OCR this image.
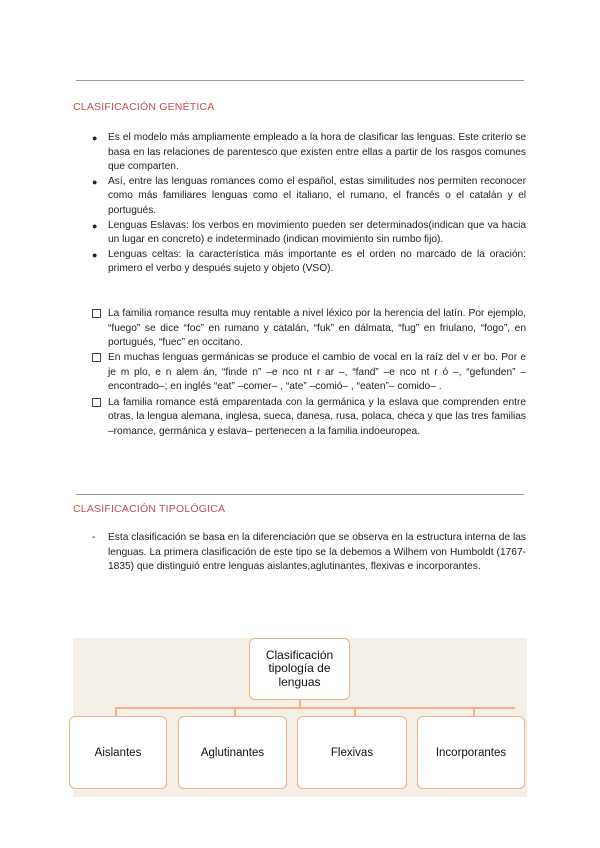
CLASIFICACIÓN GENÉTICA
● Es el modelo más ampliamente empleado a la hora de clasificar las lenguas. Este criterio se basa en las relaciones de parentesco que existen entre ellas a partir de los rasgos comunes que comparten.
● Así, entre las lenguas romances como el español, estas similitudes nos permiten reconocer como más familiares lenguas como el italiano, el rumano, el francés o el catalán y el portugués.
● Lenguas Eslavas: los verbos en movimiento pueden ser determinados(indican que va hacia un lugar en concreto) e indeterminado (indican movimiento sin rumbo fijo).
● Lenguas celtas: la característica más importante es el orden no marcado de la oración: primero el verbo y después sujeto y objeto (VSO).
La familia romance resulta muy rentable a nivel léxico por la herencia del latín. Por ejemplo, “fuego” se dice “foc” en rumano y catalán, “fuk” en dálmata, “fug” en friulano, “fogo”, en portugués, “fuec” en occitano.
En muchas lenguas germánicas se produce el cambio de vocal en la raíz del v er bo. Por e je m plo, e n alem án, “finde n” –e nco nt r ar –, “fand” –e nco nt r ó –, “gefunden” –encontrado–; en inglés “eat” –comer– , “ate” –comió– , “eaten”– comido– .
La familia romance está emparentada con la germánica y la eslava que comprenden entre otras, la lengua alemana, inglesa, sueca, danesa, rusa, polaca, checa y que las tres familias –romance, germánica y eslava– pertenecen a la familia indoeuropea.
CLASIFICACIÓN TIPOLÓGICA
-	Esta clasificación se basa en la diferenciación que se observa en la estructura interna de las lenguas. La primera clasificación de este tipo se la debemos a Wilhem von Humboldt (1767-1835) que distinguió entre lenguas aislantes,aglutinantes, flexivas e incorporantes.
Clasificación tipología de lenguas
Aislantes	Aglutinantes	Flexivas	Incorporantes
